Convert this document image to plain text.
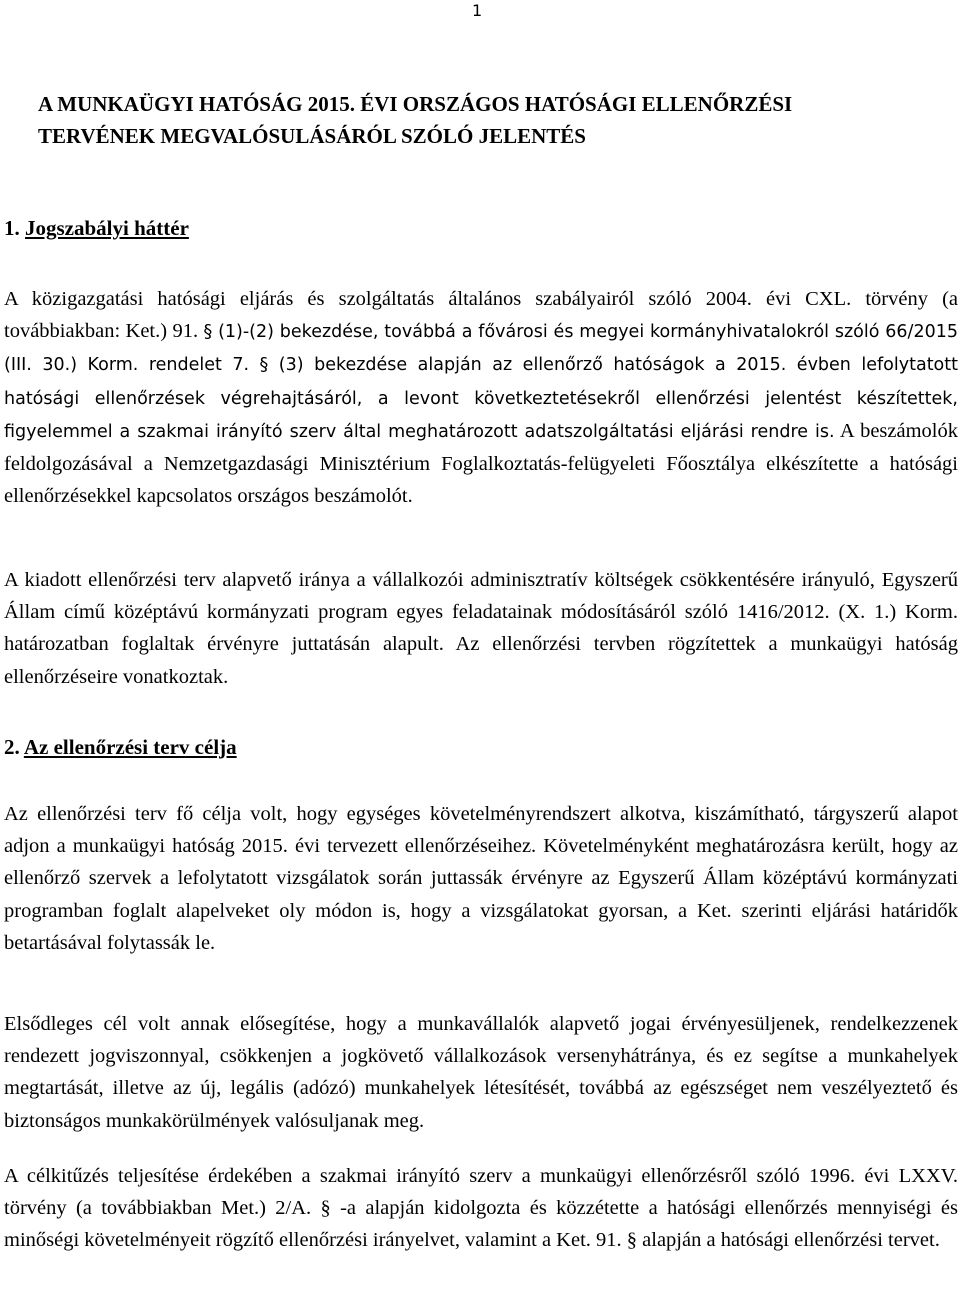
1
A MUNKAÜGYI HATÓSÁG 2015. ÉVI ORSZÁGOS HATÓSÁGI ELLENŐRZÉSI
TERVÉNEK MEGVALÓSULÁSÁRÓL SZÓLÓ JELENTÉS
1. Jogszabályi háttér

A közigazgatási hatósági eljárás és szolgáltatás általános szabályairól szóló 2004. évi CXL. törvény (a továbbiakban: Ket.) 91. § (1)-(2) bekezdése, továbbá a fővárosi és megyei kormányhivatalokról szóló 66/2015 (III. 30.) Korm. rendelet 7. § (3) bekezdése alapján az ellenőrző hatóságok a 2015. évben lefolytatott hatósági ellenőrzések végrehajtásáról, a levont következtetésekről ellenőrzési jelentést készítettek, figyelemmel a szakmai irányító szerv által meghatározott adatszolgáltatási eljárási rendre is. A beszámolók feldolgozásával a Nemzetgazdasági Minisztérium Foglalkoztatás-felügyeleti Főosztálya elkészítette a hatósági ellenőrzésekkel kapcsolatos országos beszámolót.

A kiadott ellenőrzési terv alapvető iránya a vállalkozói adminisztratív költségek csökkentésére irányuló, Egyszerű Állam című középtávú kormányzati program egyes feladatainak módosításáról szóló 1416/2012. (X. 1.) Korm. határozatban foglaltak érvényre juttatásán alapult. Az ellenőrzési tervben rögzítettek a munkaügyi hatóság ellenőrzéseire vonatkoztak.

2. Az ellenőrzési terv célja

Az ellenőrzési terv fő célja volt, hogy egységes követelményrendszert alkotva, kiszámítható, tárgyszerű alapot adjon a munkaügyi hatóság 2015. évi tervezett ellenőrzéseihez. Követelményként meghatározásra került, hogy az ellenőrző szervek a lefolytatott vizsgálatok során juttassák érvényre az Egyszerű Állam középtávú kormányzati programban foglalt alapelveket oly módon is, hogy a vizsgálatokat gyorsan, a Ket. szerinti eljárási határidők betartásával folytassák le.

Elsődleges cél volt annak elősegítése, hogy a munkavállalók alapvető jogai érvényesüljenek, rendelkezzenek rendezett jogviszonnyal, csökkenjen a jogkövető vállalkozások versenyhátránya, és ez segítse a munkahelyek megtartását, illetve az új, legális (adózó) munkahelyek létesítését, továbbá az egészséget nem veszélyeztető és biztonságos munkakörülmények valósuljanak meg.

A célkitűzés teljesítése érdekében a szakmai irányító szerv a munkaügyi ellenőrzésről szóló 1996. évi LXXV. törvény (a továbbiakban Met.) 2/A. § -a alapján kidolgozta és közzétette a hatósági ellenőrzés mennyiségi és minőségi követelményeit rögzítő ellenőrzési irányelvet, valamint a Ket. 91. § alapján a hatósági ellenőrzési tervet.
